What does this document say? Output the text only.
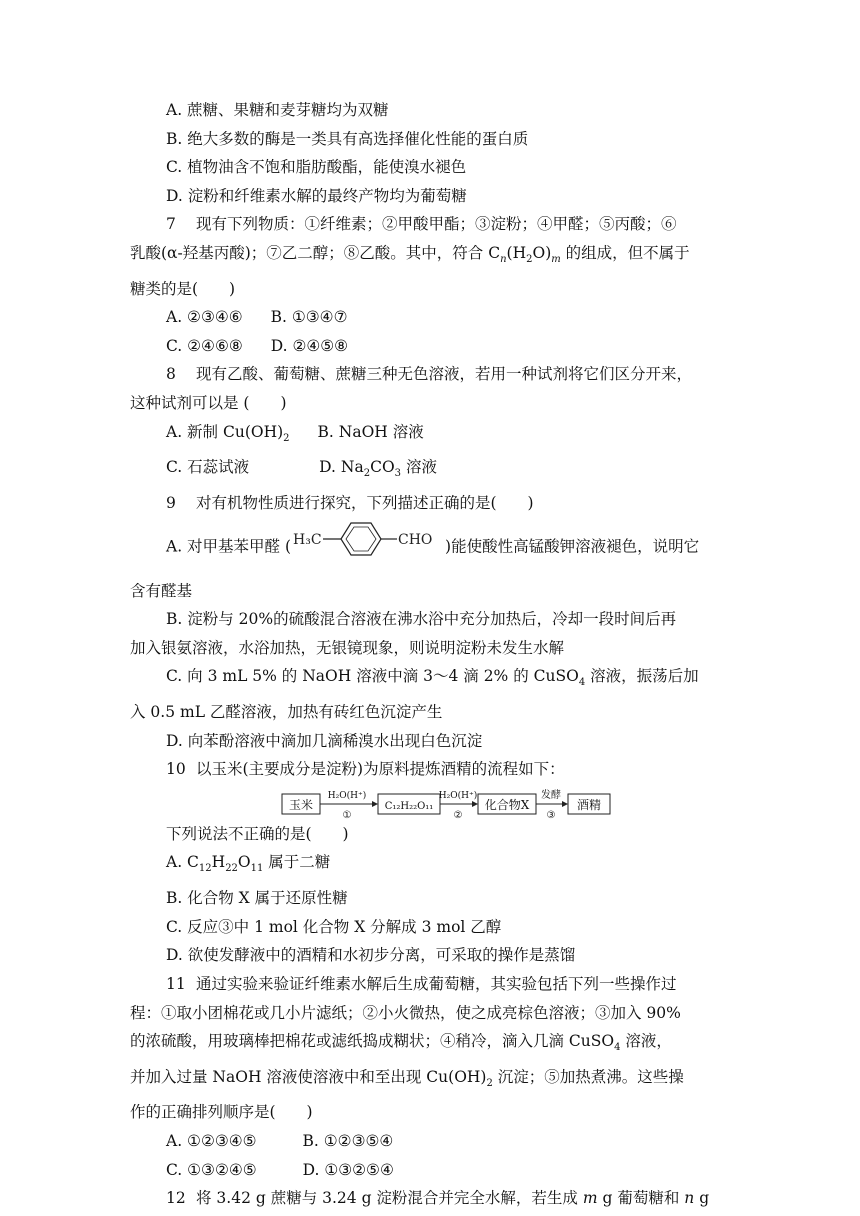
A. 蔗糖、果糖和麦芽糖均为双糖
B. 绝大多数的酶是一类具有高选择催化性能的蛋白质
C. 植物油含不饱和脂肪酸酯，能使溴水褪色
D. 淀粉和纤维素水解的最终产物均为葡萄糖
7 现有下列物质：①纤维素；②甲酸甲酯；③淀粉；④甲醛；⑤丙酸；⑥
乳酸(α-羟基丙酸)；⑦乙二醇；⑧乙酸。其中，符合 $C_n(H_2O)_m$ 的组成，但不属于
糖类的是(　　)
A. ②③④⑥ B. ①③④⑦
C. ②④⑥⑧ D. ②④⑤⑧
8 现有乙酸、葡萄糖、蔗糖三种无色溶液，若用一种试剂将它们区分开来，
这种试剂可以是 (　　)
A. 新制 $Cu(OH)_2$ B. NaOH 溶液
C. 石蕊试液	D. $Na_2CO_3$ 溶液
9 对有机物性质进行探究，下列描述正确的是(　　)
A. 对甲基苯甲醛 ( H₃C	CHO )能使酸性高锰酸钾溶液褪色，说明它
含有醛基
B. 淀粉与 20%的硫酸混合溶液在沸水浴中充分加热后，冷却一段时间后再
加入银氨溶液，水浴加热，无银镜现象，则说明淀粉未发生水解
C. 向 3 mL 5% 的 NaOH 溶液中滴 3～4 滴 2% 的 CuSO$_4$ 溶液，振荡后加
入 0.5 mL 乙醛溶液，加热有砖红色沉淀产生
D. 向苯酚溶液中滴加几滴稀溴水出现白色沉淀
10 以玉米(主要成分是淀粉)为原料提炼酒精的流程如下：
玉米
H₂O(H⁺)
①
C₁₂H₂₂O₁₁
H₂O(H⁺)
②
化合物X
发酵
③
酒精
下列说法不正确的是(　　)
A. $C_{12}H_{22}O_{11}$ 属于二糖
B. 化合物 X 属于还原性糖
C. 反应③中 1 mol 化合物 X 分解成 3 mol 乙醇
D. 欲使发酵液中的酒精和水初步分离，可采取的操作是蒸馏
11 通过实验来验证纤维素水解后生成葡萄糖，其实验包括下列一些操作过
程：①取小团棉花或几小片滤纸；②小火微热，使之成亮棕色溶液；③加入 90%
的浓硫酸，用玻璃棒把棉花或滤纸捣成糊状；④稍冷，滴入几滴 CuSO$_4$ 溶液，
并加入过量 NaOH 溶液使溶液中和至出现 $Cu(OH)_2$ 沉淀；⑤加热煮沸。这些操
作的正确排列顺序是(　　)
A. ①②③④⑤	B. ①②③⑤④
C. ①③②④⑤	D. ①③②⑤④
12 将 3.42 g 蔗糖与 3.24 g 淀粉混合并完全水解，若生成 m g 葡萄糖和 n g
